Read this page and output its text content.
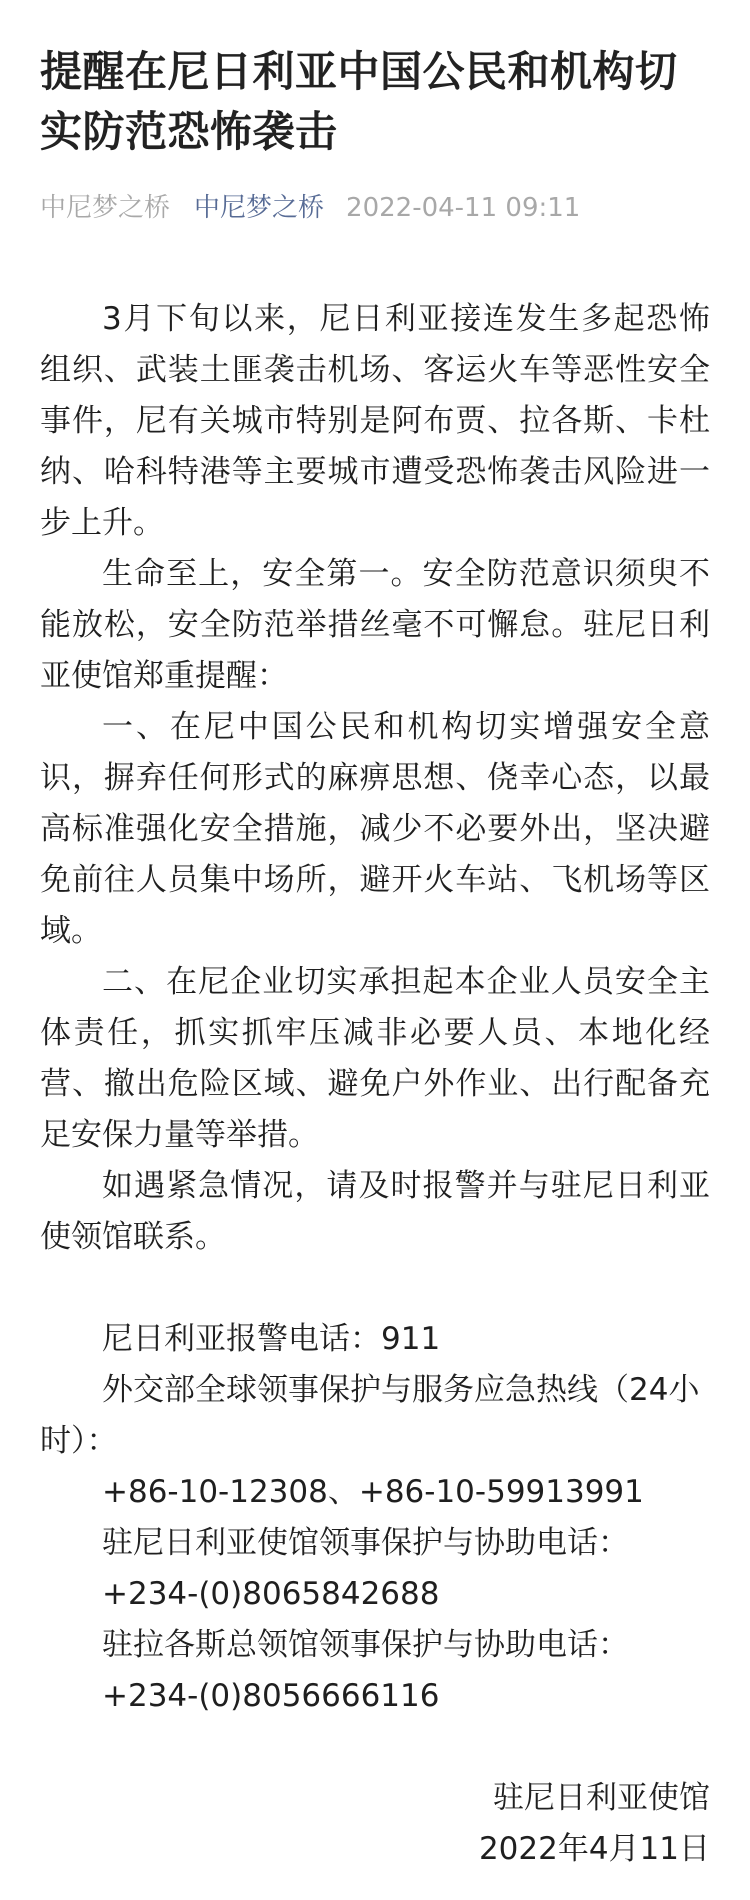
提醒在尼日利亚中国公民和机构切实防范恐怖袭击
中尼梦之桥 中尼梦之桥 2022-04-11 09:11

3月下旬以来，尼日利亚接连发生多起恐怖组织、武装土匪袭击机场、客运火车等恶性安全事件，尼有关城市特别是阿布贾、拉各斯、卡杜纳、哈科特港等主要城市遭受恐怖袭击风险进一步上升。

生命至上，安全第一。安全防范意识须臾不能放松，安全防范举措丝毫不可懈怠。驻尼日利亚使馆郑重提醒：

一、在尼中国公民和机构切实增强安全意识，摒弃任何形式的麻痹思想、侥幸心态，以最高标准强化安全措施，减少不必要外出，坚决避免前往人员集中场所，避开火车站、飞机场等区域。

二、在尼企业切实承担起本企业人员安全主体责任，抓实抓牢压减非必要人员、本地化经营、撤出危险区域、避免户外作业、出行配备充足安保力量等举措。

如遇紧急情况，请及时报警并与驻尼日利亚使领馆联系。

尼日利亚报警电话：911

外交部全球领事保护与服务应急热线（24小时）：

+86-10-12308、+86-10-59913991

驻尼日利亚使馆领事保护与协助电话：

+234-(0)8065842688

驻拉各斯总领馆领事保护与协助电话：

+234-(0)8056666116

驻尼日利亚使馆

2022年4月11日
